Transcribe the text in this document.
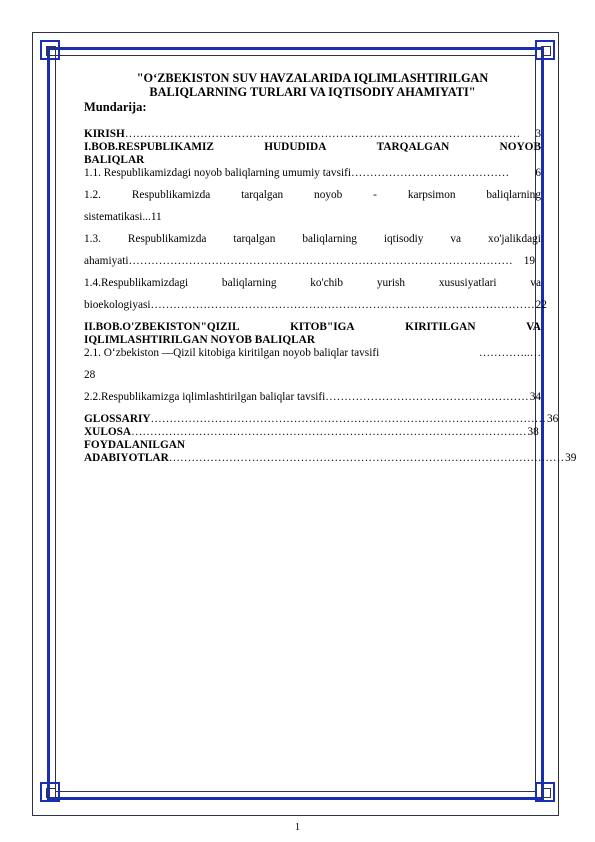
"O‘ZBEKISTON SUV HAVZALARIDA IQLIMLASHTIRILGAN
BALIQLARNING TURLARI VA IQTISODIY AHAMIYATI"

Mundarija:

KIRISH ……………………………………………………………………………………………	3
I.BOB.RESPUBLIKAMIZ	HUDUDIDA	TARQALGAN	NOYOB
BALIQLAR
1.1. Respublikamizdagi noyob baliqlarning umumiy tavsifi ……………………………………	6
1.2.	Respublikamizda	tarqalgan	noyob	-	karpsimon	baliqlarning
sistematikasi...11
1.3. Respublikamizda tarqalgan baliqlarning iqtisodiy va xo'jalikdagi
ahamiyati ………………………………………………………………………………………… 19
1.4.Respublikamizdagi	baliqlarning	ko'chib	yurish	xususiyatlari	va
bioekologiyasi ………………………………………………………………………………………… 22
II.BOB.O'ZBEKISTON"QIZIL	KITOB"IGA	KIRITILGAN	VA
IQLIMLASHTIRILGAN NOYOB BALIQLAR
2.1. O‘zbekiston ―Qizil kitobiga kiritilgan noyob baliqlar tavsifi	…………..…
28
2.2.Respublikamizga iqlimlashtirilgan baliqlar tavsifi ……………………………………………… 34
GLOSSARIY …………………………………………………………………………………………… 36
XULOSA …………………………………………………………………………………………… 38
FOYDALANILGAN
ADABIYOTLAR …………………………………………………………………………………………… 39
1
